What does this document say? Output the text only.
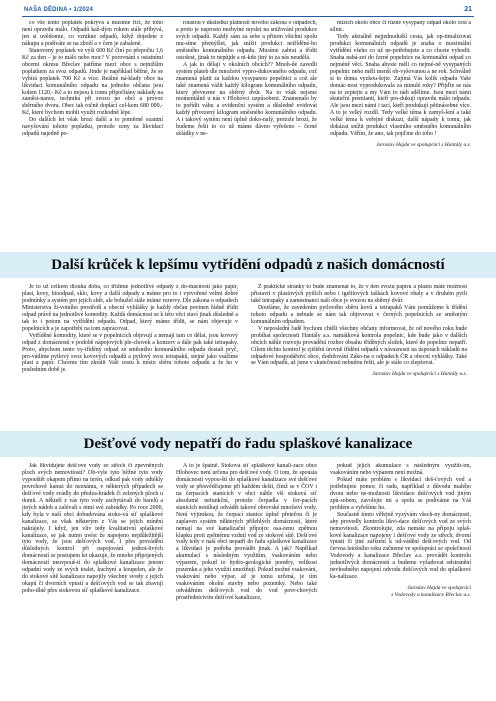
NAŠA DĚDINA • 1/2024	21

co vše tento poplatek pokrývá a musíme říct, že toho není opravdu málo. Odpadů kaž-dým rokem stále přibývá, jen si uvědomte, co vznikne odpadů, když dojedete z nákupu a podíváte se na zboží a v čem je zabalené.

Stanovený poplatek ve výši 600 Kč činí po přepočtu 1,6 Kč za den – je to málo nebo moc? V porovnání s ostatními obcemi okresu Břeclav patříme mezi obce s nejnižším poplatkem za svoz odpadů. Jinde je například běžné, že se vybírá poplatek 700 Kč a více. Reálné ná-klady obce na likvidaci komunálního odpadu na jednoho občana jsou kolem 1120,- Kč a to nejsou k tomu připočítány náklady na zaměst-nance, techniku při svozu po obci a provoz sběrného dvora. Obec tak ročně doplácí cel-kem 680 000,- Kč, které bychom mohli využít rozhodně lépe.

Do dalších let však hrozí další a to poměrně ozantní navyšování tohoto poplatku, protože ceny za likvidaci odpadů najedně po-

roustou v důsledku platnosti nového zákona o odpadech, a proto je naprosto nezbytné myslet na snižování produkce svých odpadů. Každý sám za sebe a přitom všichni spolu mu-síme přemýšlet, jak snížit produkci netříděné-ho směsného komunálního odpadu. Musíme zabrat a třídit ostošest, jinak to nepůjde a ni-kdo jiný to za nás neudělá.

A jak to dělají v okolních obcích?? Mnoh-de zavedli systém plateb dle množství vypro-dukovaného odpadu, což znamená platit za každou vysypanou popelnici a což ale také znamená vážit každý kilogram komunálního odpadu, který převezme na sběrný dvůr. Na to však nejsme momentálně u nás v Hlohovci uzpůsobeni. Znamenalo by to pořídit váhu a evidenční systém a důsledně evidovat každý přivezený kilogram směsného komunálního odpadu. A i takový systém není úplně doko-nalý, protože hrozí, že budeme řešit to co už máme dávno vyřešeno – černé skládky v ne-

mizích okolo obce či různé vysypaný odpad okolo cest a silnic.

Tedy aktuálně nejjednodušší cesta, jak op-timalizovat produkci komunálních odpadů je snaha o maximální vytřídění všeho co už ne-potřebujete a co chcete vyhodit. Snaha nahá-zet do černé popelnice na komunální odpad co nejméně věcí. Snaha abyste měli co nejmé-ně vysypaných popelnic nebo měli menší ob-vyšovanou a ne rok. Schválně si to doma vyzkou-šejte. Zajímá Vás kolik odpadu Vaše domác-nost vyprodukovala za minulé roky? Přijďte se nás na to zeptejte a my Vám to rádi sdělíme. Jsou mezi námi skuteční premianti, kteří pro-dukují opravdu málo odpadu. Ale jsou mezi námi i tací, kteří produkují pětinásobné více. A to je velký rozdíl. Tedy velké téma k zamyš-lení a také velké téma k veřejné diskuzi, další nápady k tomu, jak dokázat snížit produkci vlastního směsného komunálního odpadu. Věřím, že ano, tak pojďme do toho !

Jaroslav Hajda ve spolupráci s Hantály a.s.

Další krůček k lepšímu vytřídění odpadů z našich domácností

Je to už celkem dlouhá doba, co třídíme jednotlivé odpady z do-mácností jako papír, plast, kovy, bioodpad, sklo, kovy a další odpady a máme pro to i vytvořené velmi dobré podmínky a systém pro jejich sběr, ale bohužel stále máme rezervy. Dle zákona o odpadech Ministerstva ži-votního prostředí a obecní vyhlášky je každý občan povinen řádně třídit odpad právě na jednotlivé komodity. Každá domácnost se k této věci staví jinak důsledně a tak to i potom na vytřídění odpadu. Odpad, který máme třídit, se nám objevuje v popelnicích a je zapotřebí na tom zapracovat.

Vytříděné komodity, které se v popelnicích objevují a nemají tam co dělat, jsou kovový odpad z domácností v podobě nápojových ple-chovek a konzerv a dále pak také tetrapaky. Proto, abychom tento vy-tříděný odpad ze směsného komunálního odpadu dostali pryč, pro-vádíme pytlový svoz kovových odpadů a pytlový svoz tetrapaků, stejně jako vsážíme plast a papír. Chceme tím zkrátit Vaši cestu k místu sběru tohoto odpadu a že ho v posledním době je.

Z praktické stránky to bude znamenat to, že v den svozu papíru a plastu máte možnost přistavit v plastových pytlích nebo i igelitových taškách kovové obaly a v druhém pytli také tetrapaky a zamestnanci naší obce je svezou na sběrný dvůr.

Doufáme, že zavedením pytlového sběru kovů a tetrapaků Vám pomůžeme k třídění tohoto odpadu a nebude se nám tak objevovat v černých popelnicích se směsným komunálním odpadem.

V neposlední řadě bychom chtěli všechny občany informovat, že od nového roku bude probíhat spolecnosti Hantály a.s. namátková kontrola popelnic, kde bude jako v dalších obcích náhle rozvoju provádění rozbor obsahu tříděných složek, které do popelnic nepatří. Cílem těchto kontrol je zjištění úrovně třídění odpadů v návaznosti na úsporách nákladů na odpadové hospodářství obce, dodržování Záko-na o odpadech ČR a obecní vyhlášky. Také se Vám odpadů, až jsme v skutečnosti nebudou řešit, ale je stále co zlepšovat.

Jaroslav Hajda ve spolupráci s Hantály a.s.

Dešťové vody nepatří do řadu splaškové kanalizace

Jak likvidujete dešťové vody ze střech či zpevněných ploch svých nemovitostí? Ob-vyle tyto běžné tyto vody vypouštět okapem přímo na terén, odkud pak vody odtékly povrchově kamsi do neznáma, v některých případech se dešťové vody svádly do předza-hrádek či zelených ploch u domů. A někteří z vás tyto vody zachytávali do barelů a jiných nádob a zalévali s nimi své zahrádky. Po roce 2000, kdy byla v naší obci dobudována stoko-vá síť splaškové kanalizace, se však některým z Vás se jejich mínění nakrájely. I když, jen vliv tedy kvalitativní splaškové kanalizace, se jak nutno uvést že napojeno nejdůležitější tyto vody, že jsou dešťových vod. I přes provádění důsledných kontrol při napojování jednot-livých domácností se postupem let ukazuje, že mnoho připojených domácností neuvpouš-tí do splaškové kanalizace jenom odpadní vody ze svých toalet, kuchyní a koupelen, ale že do stokové sítě kanalizace napojily všechny svody z jejich okapů či dvorních vpustí a dešťových vod se tak zbavují poho-dlně přes stokovou síť splaškové kanalizace.

A to je špatně. Stoková síť splaškové kanali-zace obce Hlohovec není určena pro dešťové vody. O tom, že spousta domácností vypou-ští do splaškové kanalizace své dešťové vody se přesvědčujeme při každém dešti, čímž se v ČOV i na čerpacích stanicích v obci náhle vši stoková síť absolutně nefunkční, protože čerpadla v čer-pacích stanicích nestíhají odvádět takové obrovské množství vody. Není výjimkou, že čerpací stanice úplně přetečou či je zaplaven systém některých přilehlých domácností, které nemají na své kanalizační přípojce osa-zenu zpětnou klapku proti zpětnému vzdutí vod ze stokové sítě. Dešťové vody tedy v naší obci nepatří do řadu splaškové kanalizace a likvidaci je potřeba provádět jinak. A jak? Napříkad akumulací s následným využitím, vsakováním nebo výparem, pokud to hydro-geologické poměry, velikost pozemku a jeho využití umožňují. Pokud možné vsakování, vsakování nebo výpar, až je tomu určená, je tím vsakováním okolní stavby nebo pozemky. Nebo také odváděním dešťových vod do vod povr-chových prostřednictvím dešťové kanalizace,

pokud jejich akumulace s následným využití-ím, vsakováním nebo výparem není možná.

Pokud máte problém s likvidací deš-ťových vod a potřebujete pomoc či radu, například z důvodu malého dvora nebo ne-možnosti likvidace dešťových vod jiným způ-sobem, zavolejte mi a spolu se podíváme na Váš problém a vyřešíme ho.

Současně tímto věřejně vyzývám všech-ny domácnosti, aby provedly kontrolu likvi-dace dešťových vod ze svých nemovitostí. Zkontrolujte, zda nemáte na přípoju splaš-kové kanalizace napojeny i dešťové vody ze střech, dvorní vpusti či jiné zařízení k od-vádění dešťových vod. Od června letošního roku začneme ve spolupráci se společností Vodovody a kanalizace Břeclav a.s. provádět kontrolu jednotlivých domácností a budeme vyžadovat odstranění nevhodného napojení odvodu dešťových vod do splaškové ka-nalizace.

Jaroslav Hajda ve spolupráci
s Vodovody a kanalizace Břeclav a.s.
